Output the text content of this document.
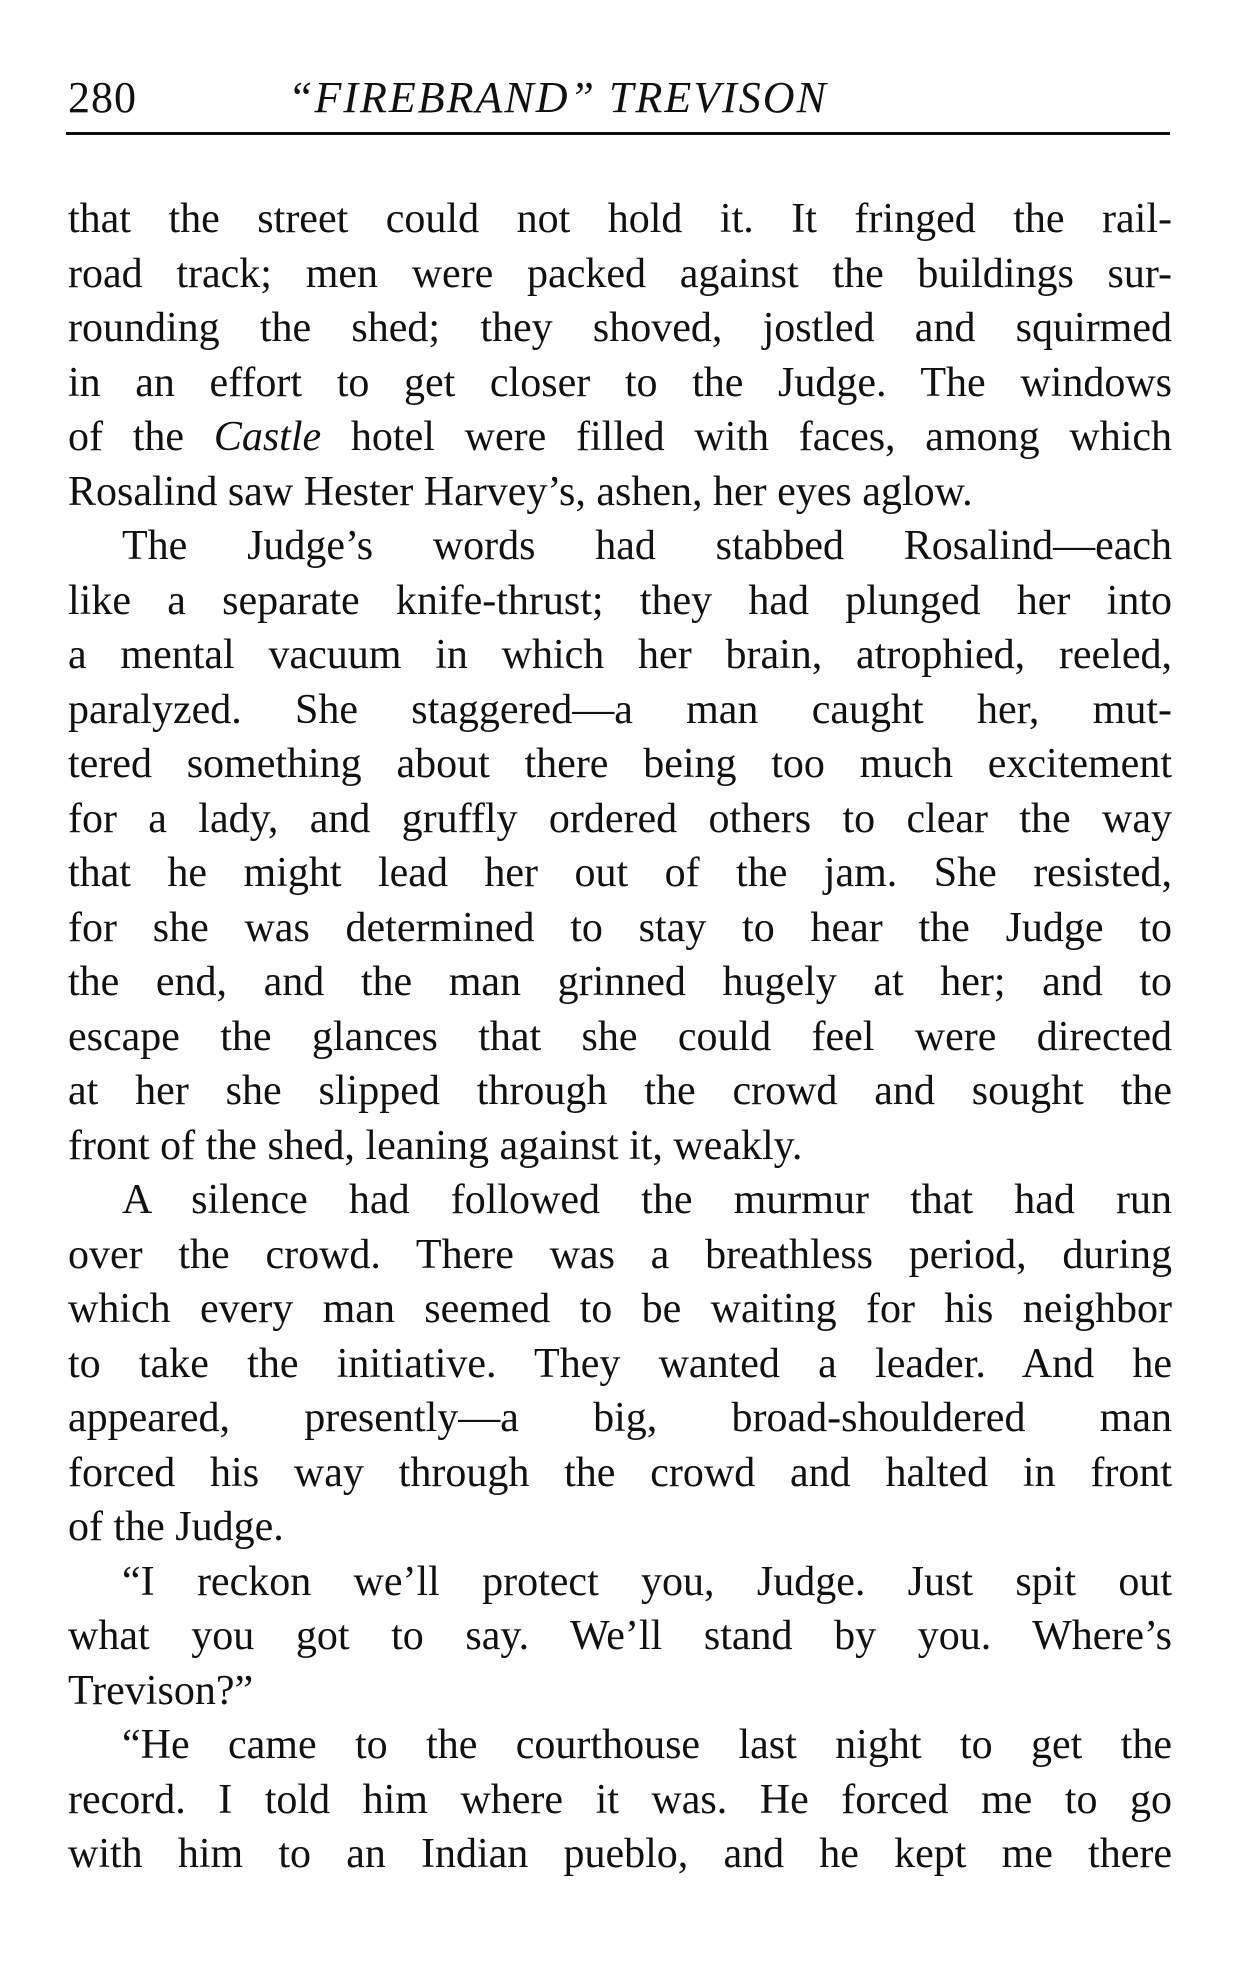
280	“FIREBRAND” TREVISON
that the street could not hold it. It fringed the rail-
road track; men were packed against the buildings sur-
rounding the shed; they shoved, jostled and squirmed
in an effort to get closer to the Judge. The windows
of the Castle hotel were filled with faces, among which
Rosalind saw Hester Harvey’s, ashen, her eyes aglow.
The Judge’s words had stabbed Rosalind—each
like a separate knife-thrust; they had plunged her into
a mental vacuum in which her brain, atrophied, reeled,
paralyzed. She staggered—a man caught her, mut-
tered something about there being too much excitement
for a lady, and gruffly ordered others to clear the way
that he might lead her out of the jam. She resisted,
for she was determined to stay to hear the Judge to
the end, and the man grinned hugely at her; and to
escape the glances that she could feel were directed
at her she slipped through the crowd and sought the
front of the shed, leaning against it, weakly.
A silence had followed the murmur that had run
over the crowd. There was a breathless period, during
which every man seemed to be waiting for his neighbor
to take the initiative. They wanted a leader. And he
appeared, presently—a big, broad-shouldered man
forced his way through the crowd and halted in front
of the Judge.
“I reckon we’ll protect you, Judge. Just spit out
what you got to say. We’ll stand by you. Where’s
Trevison?”
“He came to the courthouse last night to get the
record. I told him where it was. He forced me to go
with him to an Indian pueblo, and he kept me there
